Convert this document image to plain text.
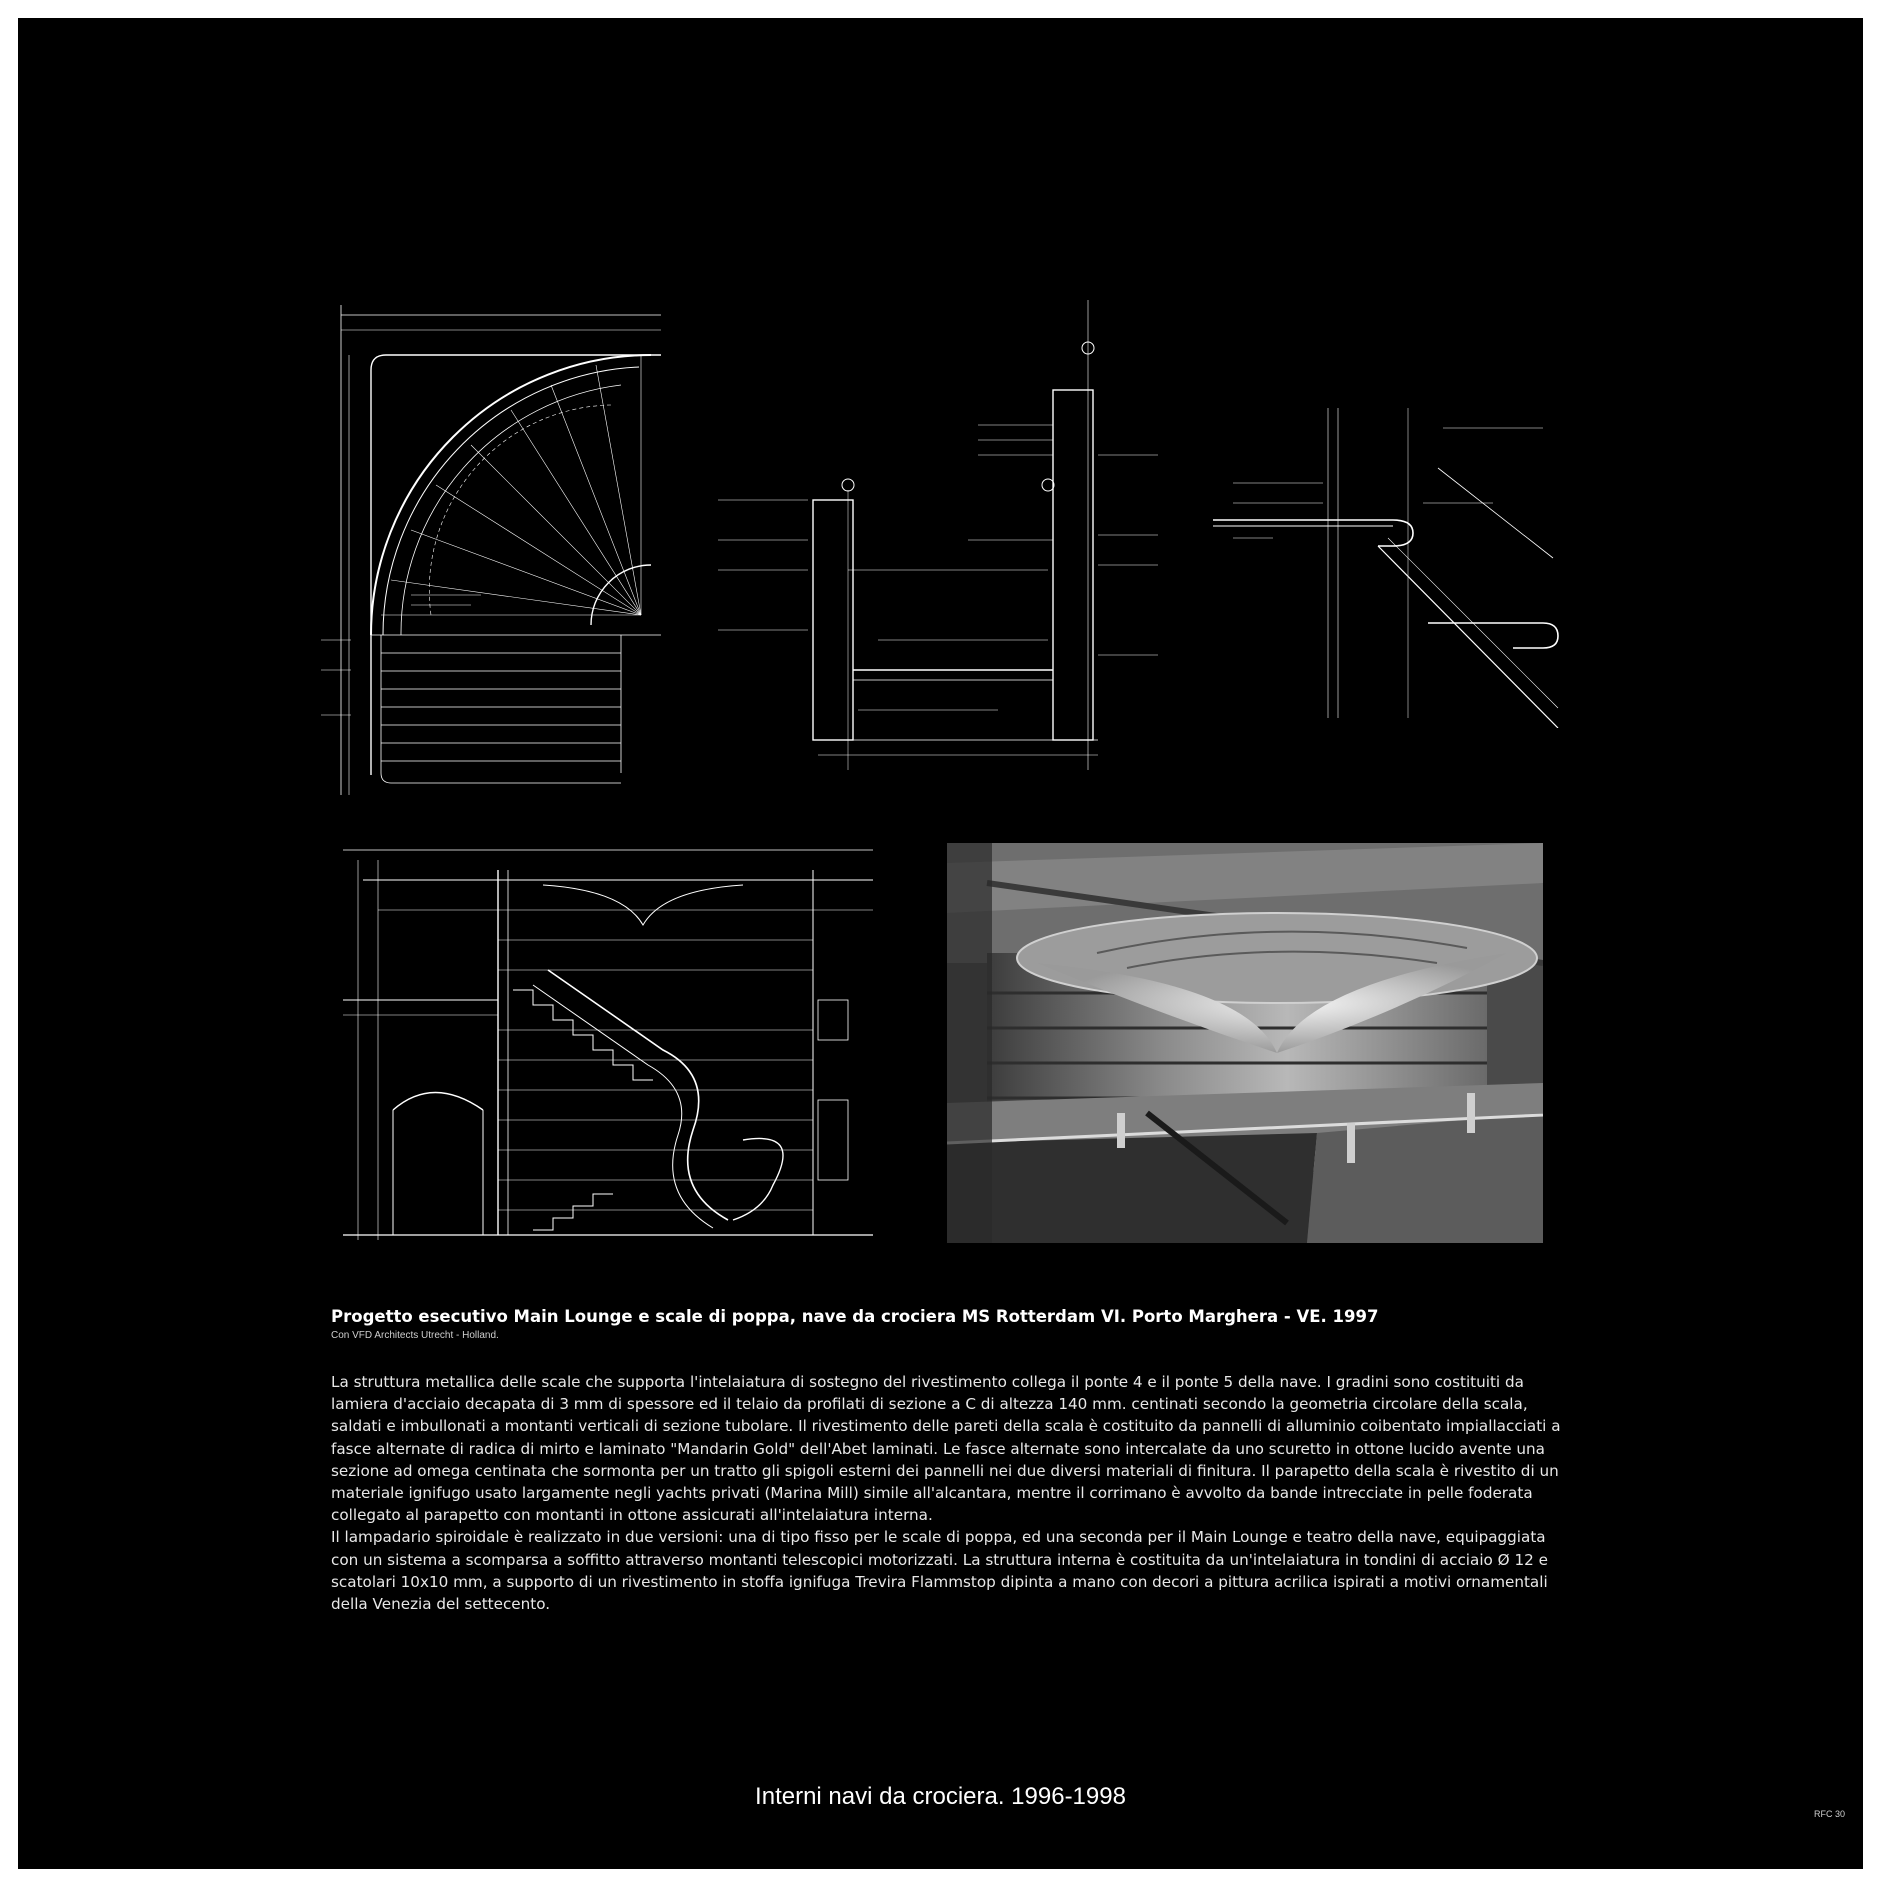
Progetto esecutivo Main Lounge e scale di poppa, nave da crociera MS Rotterdam VI. Porto Marghera - VE. 1997
Con VFD Architects Utrecht - Holland.

La struttura metallica delle scale che supporta l'intelaiatura di sostegno del rivestimento collega il ponte 4 e il ponte 5 della nave. I gradini sono costituiti da lamiera d'acciaio decapata di 3 mm di spessore ed il telaio da profilati di sezione a C di altezza 140 mm. centinati secondo la geometria circolare della scala, saldati e imbullonati a montanti verticali di sezione tubolare. Il rivestimento delle pareti della scala è costituito da pannelli di alluminio coibentato impiallacciati a fasce alternate di radica di mirto e laminato "Mandarin Gold" dell'Abet laminati. Le fasce alternate sono intercalate da uno scuretto in ottone lucido avente una sezione ad omega centinata che sormonta per un tratto gli spigoli esterni dei pannelli nei due diversi materiali di finitura. Il parapetto della scala è rivestito di un materiale ignifugo usato largamente negli yachts privati (Marina Mill) simile all'alcantara, mentre il corrimano è avvolto da bande intrecciate in pelle foderata collegato al parapetto con montanti in ottone assicurati all'intelaiatura interna.

Il lampadario spiroidale è realizzato in due versioni: una di tipo fisso per le scale di poppa, ed una seconda per il Main Lounge e teatro della nave, equipaggiata con un sistema a scomparsa a soffitto attraverso montanti telescopici motorizzati. La struttura interna è costituita da un'intelaiatura in tondini di acciaio Ø 12 e scatolari 10x10 mm, a supporto di un rivestimento in stoffa ignifuga Trevira Flammstop dipinta a mano con decori a pittura acrilica ispirati a motivi ornamentali della Venezia del settecento.

Interni navi da crociera. 1996-1998
RFC 30
